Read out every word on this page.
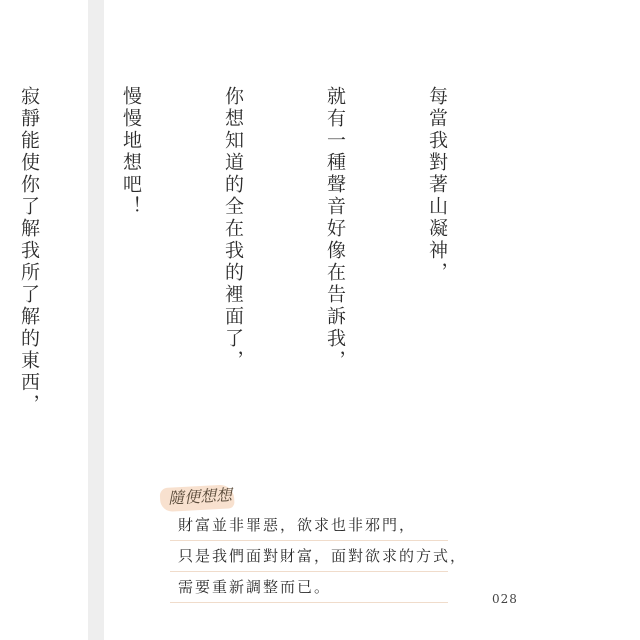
每當我對著山凝神，

就有一種聲音好像在告訴我，

你想知道的全在我的裡面了，

慢慢地想吧！

寂靜能使你了解我所了解的東西，

隨便想想
財富並非罪惡，欲求也非邪門，
只是我們面對財富，面對欲求的方式，
需要重新調整而已。
028
